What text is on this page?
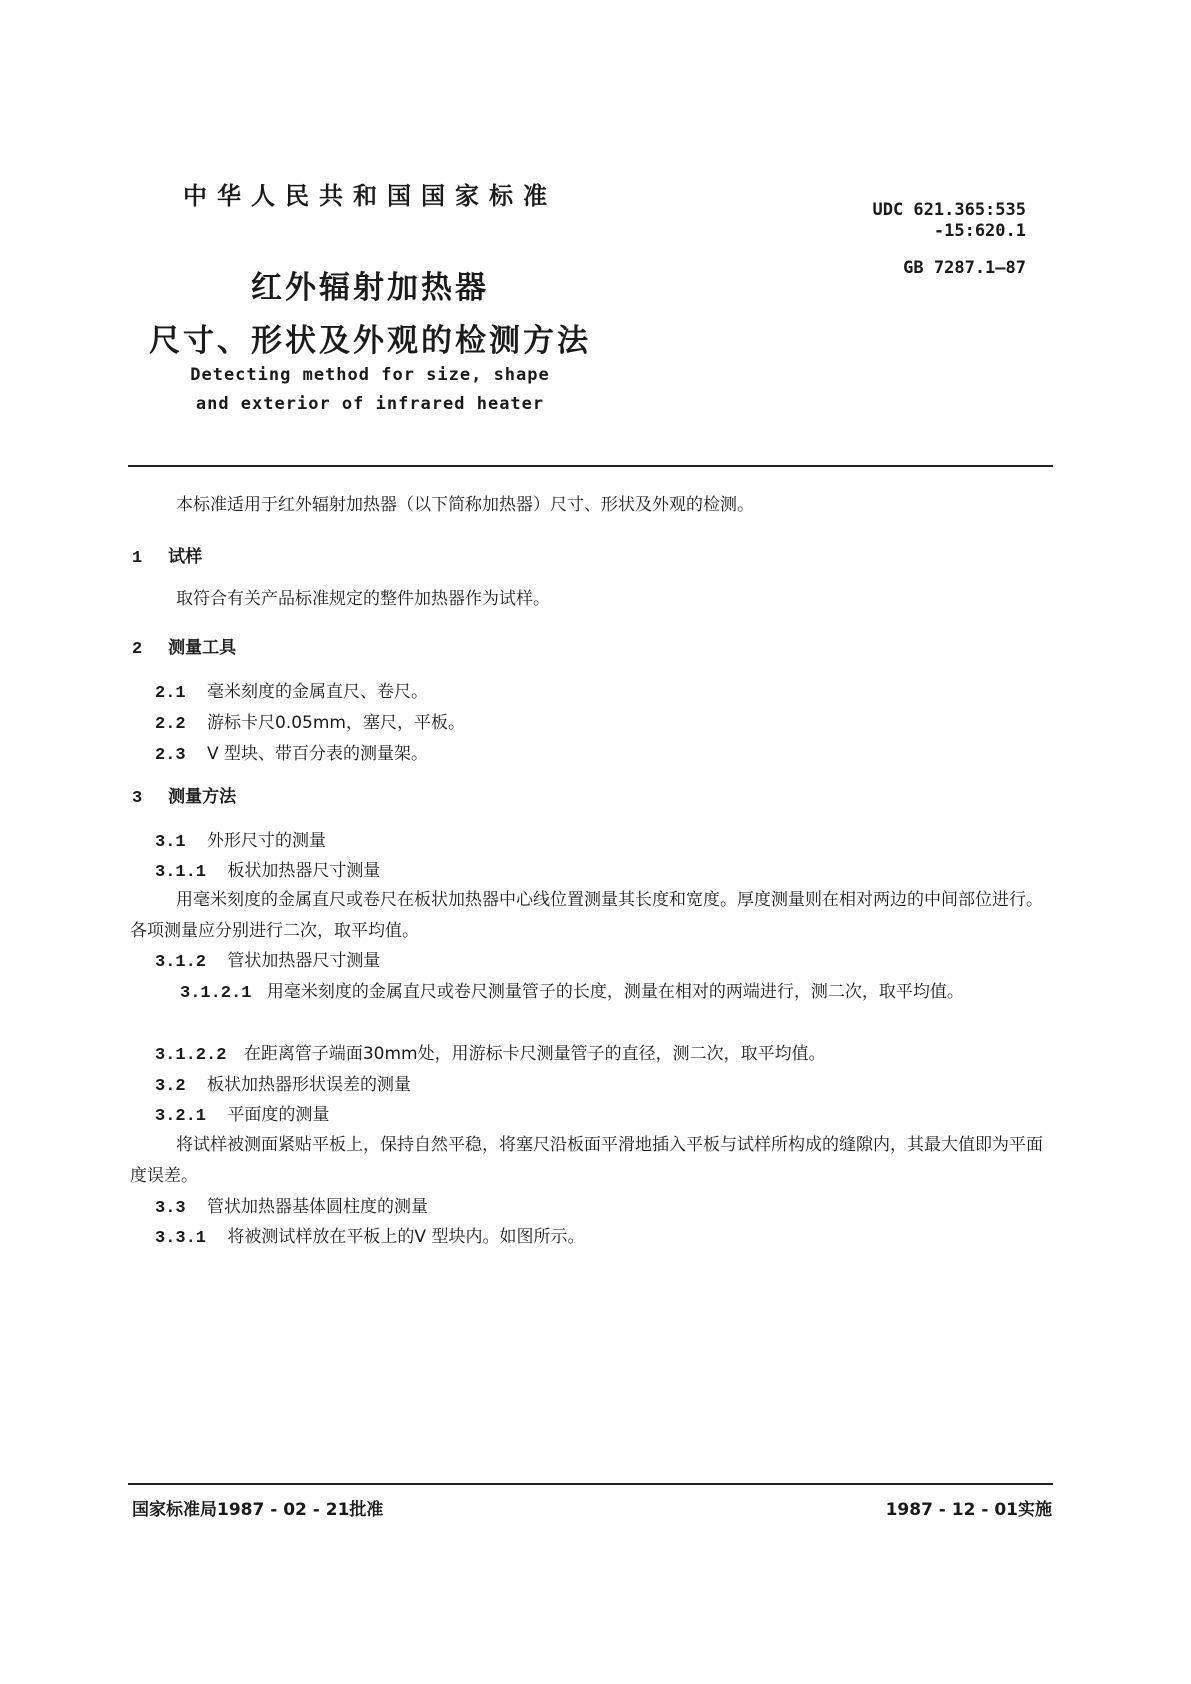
中华人民共和国国家标准	UDC 621.365:535
-15:620.1
GB 7287.1—87
红外辐射加热器
尺寸、形状及外观的检测方法
Detecting method for size, shape
and exterior of infrared heater
本标准适用于红外辐射加热器（以下简称加热器）尺寸、形状及外观的检测。
1 试样
取符合有关产品标准规定的整件加热器作为试样。
2 测量工具
2.1 毫米刻度的金属直尺、卷尺。
2.2 游标卡尺0.05mm，塞尺，平板。
2.3 V 型块、带百分表的测量架。
3 测量方法
3.1 外形尺寸的测量
3.1.1 板状加热器尺寸测量

用毫米刻度的金属直尺或卷尺在板状加热器中心线位置测量其长度和宽度。厚度测量则在相对两边的中间部位进行。各项测量应分别进行二次，取平均值。

3.1.2 管状加热器尺寸测量

3.1.2.1 用毫米刻度的金属直尺或卷尺测量管子的长度，测量在相对的两端进行，测二次，取平均值。

3.1.2.2 在距离管子端面30mm处，用游标卡尺测量管子的直径，测二次，取平均值。
3.2 板状加热器形状误差的测量
3.2.1 平面度的测量

将试样被测面紧贴平板上，保持自然平稳，将塞尺沿板面平滑地插入平板与试样所构成的缝隙内，其最大值即为平面度误差。

3.3 管状加热器基体圆柱度的测量
3.3.1 将被测试样放在平板上的V 型块内。如图所示。
国家标准局1987 - 02 - 21批准	1987 - 12 - 01实施
